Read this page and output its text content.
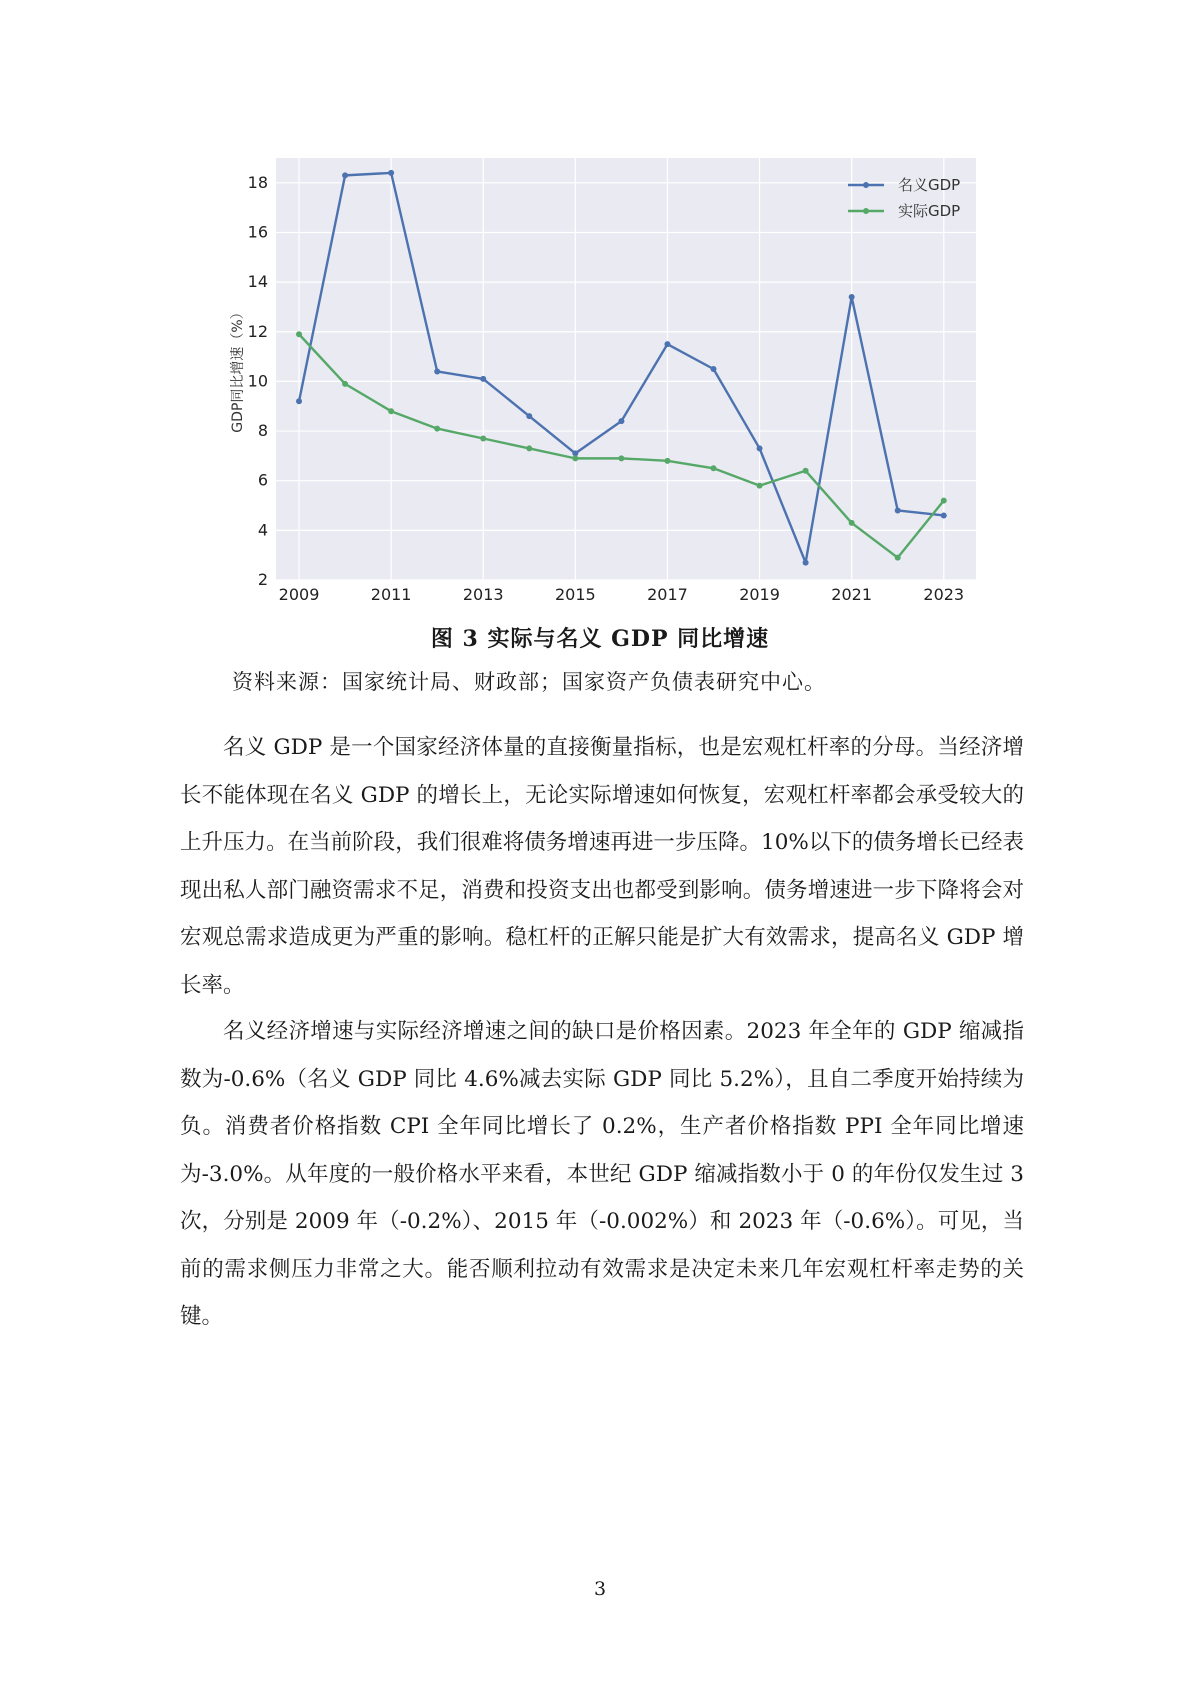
2
4
6
8
10
12
14
16
18
2009	2011	2013	2015	2017	2019	2021	2023
GDP同比增速（%）
名义GDP
实际GDP
图 3 实际与名义 GDP 同比增速
资料来源：国家统计局、财政部；国家资产负债表研究中心。

名义 GDP 是一个国家经济体量的直接衡量指标，也是宏观杠杆率的分母。当经济增长不能体现在名义 GDP 的增长上，无论实际增速如何恢复，宏观杠杆率都会承受较大的上升压力。在当前阶段，我们很难将债务增速再进一步压降。10%以下的债务增长已经表现出私人部门融资需求不足，消费和投资支出也都受到影响。债务增速进一步下降将会对宏观总需求造成更为严重的影响。稳杠杆的正解只能是扩大有效需求，提高名义 GDP 增长率。

名义经济增速与实际经济增速之间的缺口是价格因素。2023 年全年的 GDP 缩减指数为-0.6%（名义 GDP 同比 4.6%减去实际 GDP 同比 5.2%），且自二季度开始持续为负。消费者价格指数 CPI 全年同比增长了 0.2%，生产者价格指数 PPI 全年同比增速为-3.0%。从年度的一般价格水平来看，本世纪 GDP 缩减指数小于 0 的年份仅发生过 3 次，分别是 2009 年（-0.2%）、2015 年（-0.002%）和 2023 年（-0.6%）。可见，当前的需求侧压力非常之大。能否顺利拉动有效需求是决定未来几年宏观杠杆率走势的关键。

3
